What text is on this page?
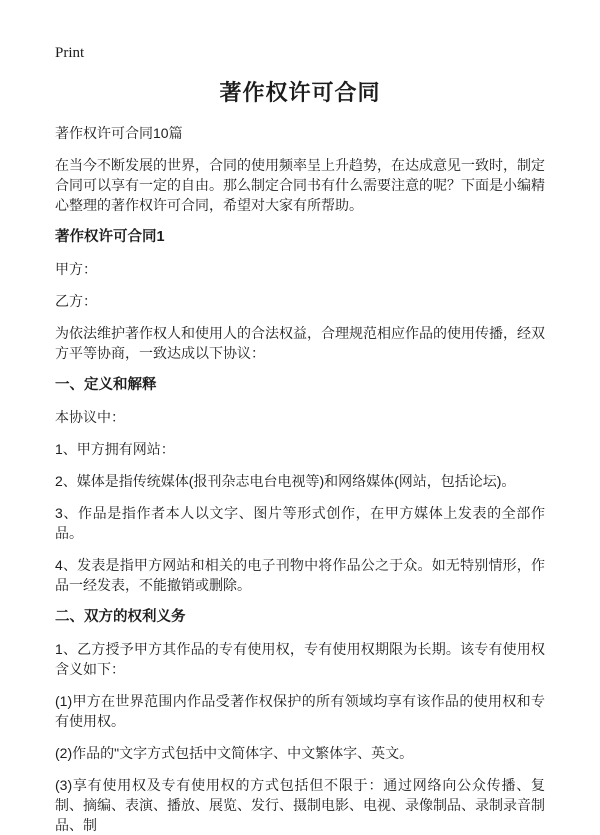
Print
著作权许可合同
著作权许可合同10篇

在当今不断发展的世界，合同的使用频率呈上升趋势，在达成意见一致时，制定合同可以享有一定的自由。那么制定合同书有什么需要注意的呢？下面是小编精心整理的著作权许可合同，希望对大家有所帮助。

著作权许可合同1

甲方：

乙方：

为依法维护著作权人和使用人的合法权益，合理规范相应作品的使用传播，经双方平等协商，一致达成以下协议：

一、定义和解释

本协议中：

1、甲方拥有网站：

2、媒体是指传统媒体(报刊杂志电台电视等)和网络媒体(网站，包括论坛)。

3、作品是指作者本人以文字、图片等形式创作，在甲方媒体上发表的全部作品。

4、发表是指甲方网站和相关的电子刊物中将作品公之于众。如无特别情形，作品一经发表，不能撤销或删除。

二、双方的权利义务

1、乙方授予甲方其作品的专有使用权，专有使用权期限为长期。该专有使用权含义如下：

(1)甲方在世界范围内作品受著作权保护的所有领域均享有该作品的使用权和专有使用权。

(2)作品的"文字方式包括中文简体字、中文繁体字、英文。

(3)享有使用权及专有使用权的方式包括但不限于：通过网络向公众传播、复制、摘编、表演、播放、展览、发行、摄制电影、电视、录像制品、录制录音制品、制
